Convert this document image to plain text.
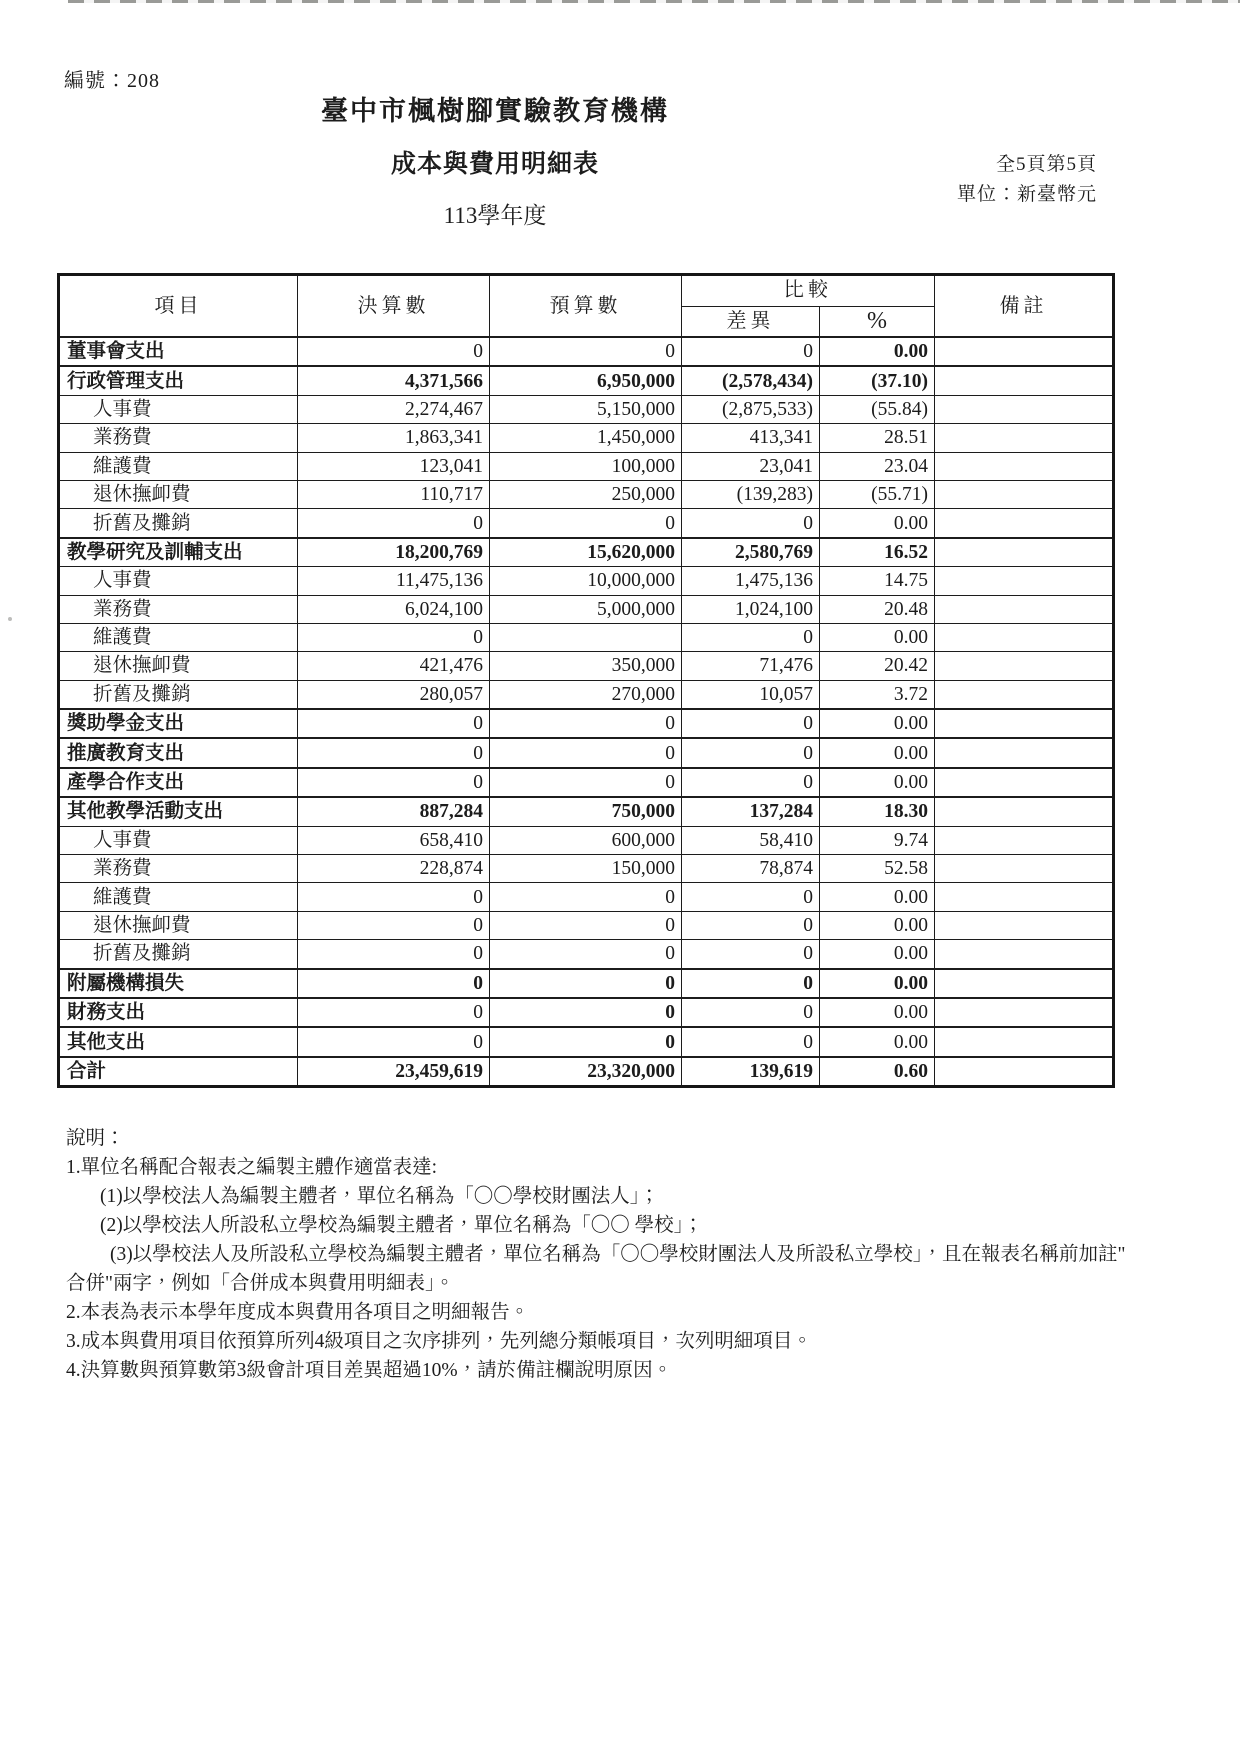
編號：208
臺中市楓樹腳實驗教育機構
成本與費用明細表
113學年度
全5頁第5頁
單位：新臺幣元
項目	決算數	預算數	比較		備註
			差異	%	
董事會支出	0	0	0	0.00	
行政管理支出	4,371,566	6,950,000	(2,578,434)	(37.10)	
人事費	2,274,467	5,150,000	(2,875,533)	(55.84)	
業務費	1,863,341	1,450,000	413,341	28.51	
維護費	123,041	100,000	23,041	23.04	
退休撫卹費	110,717	250,000	(139,283)	(55.71)	
折舊及攤銷	0	0	0	0.00	
教學研究及訓輔支出	18,200,769	15,620,000	2,580,769	16.52	
人事費	11,475,136	10,000,000	1,475,136	14.75	
業務費	6,024,100	5,000,000	1,024,100	20.48	
維護費	0		0	0.00	
退休撫卹費	421,476	350,000	71,476	20.42	
折舊及攤銷	280,057	270,000	10,057	3.72	
獎助學金支出	0	0	0	0.00	
推廣教育支出	0	0	0	0.00	
產學合作支出	0	0	0	0.00	
其他教學活動支出	887,284	750,000	137,284	18.30	
人事費	658,410	600,000	58,410	9.74	
業務費	228,874	150,000	78,874	52.58	
維護費	0	0	0	0.00	
退休撫卹費	0	0	0	0.00	
折舊及攤銷	0	0	0	0.00	
附屬機構損失	0	0	0	0.00	
財務支出	0	0	0	0.00	
其他支出	0	0	0	0.00	
合計	23,459,619	23,320,000	139,619	0.60	
說明：
1.單位名稱配合報表之編製主體作適當表達:
(1)以學校法人為編製主體者，單位名稱為「〇〇學校財團法人」；
(2)以學校法人所設私立學校為編製主體者，單位名稱為「〇〇 學校」；
(3)以學校法人及所設私立學校為編製主體者，單位名稱為「〇〇學校財團法人及所設私立學校」，且在報表名稱前加註"
合併"兩字，例如「合併成本與費用明細表」。
2.本表為表示本學年度成本與費用各項目之明細報告。
3.成本與費用項目依預算所列4級項目之次序排列，先列總分類帳項目，次列明細項目。
4.決算數與預算數第3級會計項目差異超過10%，請於備註欄說明原因。
